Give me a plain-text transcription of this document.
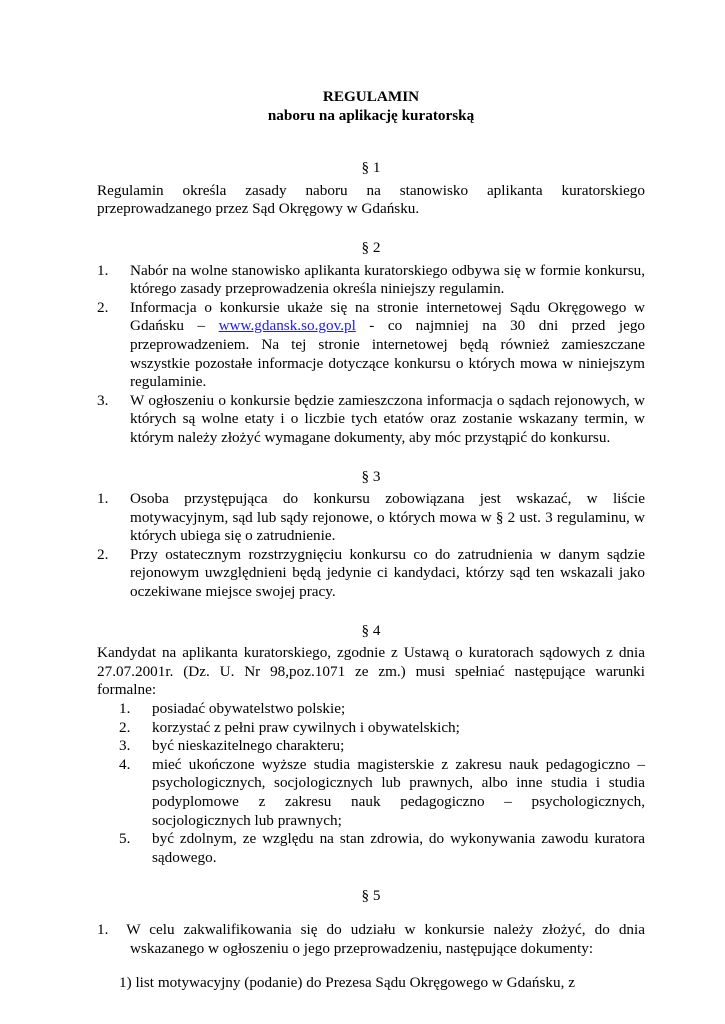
REGULAMIN

naboru na aplikację kuratorską

§ 1

Regulamin określa zasady naboru na stanowisko aplikanta kuratorskiego przeprowadzanego przez Sąd Okręgowy w Gdańsku.

§ 2

1. Nabór na wolne stanowisko aplikanta kuratorskiego odbywa się w formie konkursu, którego zasady przeprowadzenia określa niniejszy regulamin.
2. Informacja o konkursie ukaże się na stronie internetowej Sądu Okręgowego w Gdańsku – www.gdansk.so.gov.pl - co najmniej na 30 dni przed jego przeprowadzeniem. Na tej stronie internetowej będą również zamieszczane wszystkie pozostałe informacje dotyczące konkursu o których mowa w niniejszym regulaminie.
3. W ogłoszeniu o konkursie będzie zamieszczona informacja o sądach rejonowych, w których są wolne etaty i o liczbie tych etatów oraz zostanie wskazany termin, w którym należy złożyć wymagane dokumenty, aby móc przystąpić do konkursu.

§ 3

1. Osoba przystępująca do konkursu zobowiązana jest wskazać, w liście motywacyjnym, sąd lub sądy rejonowe, o których mowa w § 2 ust. 3 regulaminu, w których ubiega się o zatrudnienie.
2. Przy ostatecznym rozstrzygnięciu konkursu co do zatrudnienia w danym sądzie rejonowym uwzględnieni będą jedynie ci kandydaci, którzy sąd ten wskazali jako oczekiwane miejsce swojej pracy.

§ 4

Kandydat na aplikanta kuratorskiego, zgodnie z Ustawą o kuratorach sądowych z dnia 27.07.2001r. (Dz. U. Nr 98,poz.1071 ze zm.) musi spełniać następujące warunki formalne:

1. posiadać obywatelstwo polskie;
2. korzystać z pełni praw cywilnych i obywatelskich;
3. być nieskazitelnego charakteru;
4. mieć ukończone wyższe studia magisterskie z zakresu nauk pedagogiczno – psychologicznych, socjologicznych lub prawnych, albo inne studia i studia podyplomowe z zakresu nauk pedagogiczno – psychologicznych, socjologicznych lub prawnych;
5. być zdolnym, ze względu na stan zdrowia, do wykonywania zawodu kuratora sądowego.

§ 5

1.  W celu zakwalifikowania się do udziału w konkursie należy złożyć, do dnia wskazanego w ogłoszeniu o jego przeprowadzeniu, następujące dokumenty:

1) list motywacyjny (podanie) do Prezesa Sądu Okręgowego w Gdańsku, z
